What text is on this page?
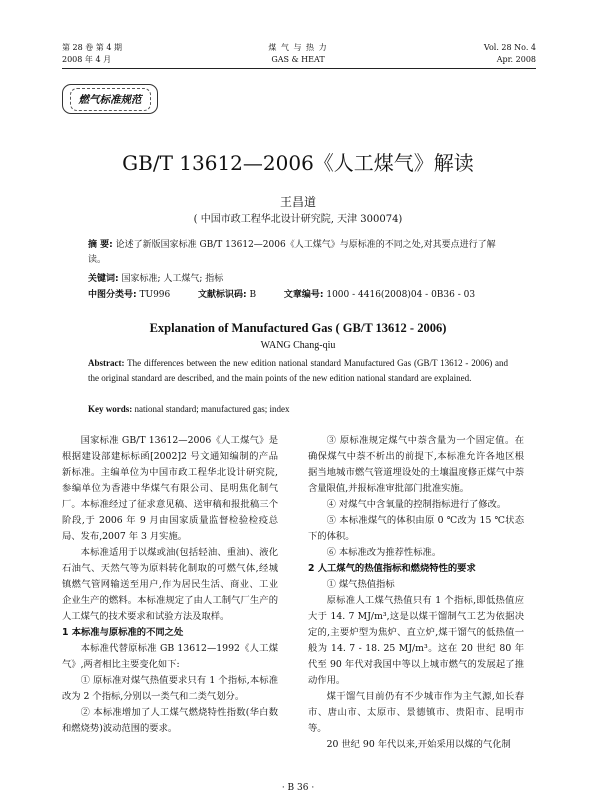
第 28 卷 第 4 期
2008 年 4 月
煤 气 与 热 力
GAS & HEAT
Vol. 28 No. 4
Apr. 2008
燃气标准规范
GB/T 13612—2006《人工煤气》解读
王昌道
( 中国市政工程华北设计研究院, 天津 300074)
摘 要: 论述了新版国家标准 GB/T 13612—2006《人工煤气》与原标准的不同之处,对其要点进行了解读。
关键词: 国家标准; 人工煤气; 指标
中图分类号: TU996	文献标识码: B	文章编号: 1000 - 4416(2008)04 - 0B36 - 03
Explanation of Manufactured Gas ( GB/T 13612 - 2006)
WANG Chang-qiu
Abstract: The differences between the new edition national standard Manufactured Gas (GB/T 13612 - 2006) and the original standard are described, and the main points of the new edition national standard are explained.
Key words: national standard; manufactured gas; index

国家标准 GB/T 13612—2006《人工煤气》是根据建设部建标标函[2002]2 号文通知编制的产品新标准。主编单位为中国市政工程华北设计研究院,参编单位为香港中华煤气有限公司、昆明焦化制气厂。本标准经过了征求意见稿、送审稿和报批稿三个阶段,于 2006 年 9 月由国家质量监督检验检疫总局、发布,2007 年 3 月实施。

本标准适用于以煤或油(包括轻油、重油)、液化石油气、天然气等为原料转化制取的可燃气体,经城镇燃气管网输送至用户,作为居民生活、商业、工业企业生产的燃料。本标准规定了由人工制气厂生产的人工煤气的技术要求和试验方法及取样。

1 本标准与原标准的不同之处

本标准代替原标准 GB 13612—1992《人工煤气》,两者相比主要变化如下:

① 原标准对煤气热值要求只有 1 个指标,本标准改为 2 个指标,分别以一类气和二类气划分。

② 本标准增加了人工煤气燃烧特性指数(华白数和燃烧势)波动范围的要求。

③ 原标准规定煤气中萘含量为一个固定值。在确保煤气中萘不析出的前提下,本标准允许各地区根据当地城市燃气管道埋设处的土壤温度修正煤气中萘含量限值,并报标准审批部门批准实施。

④ 对煤气中含氧量的控制指标进行了修改。

⑤ 本标准煤气的体积由原 0 ℃改为 15 ℃状态下的体积。

⑥ 本标准改为推荐性标准。

2 人工煤气的热值指标和燃烧特性的要求

① 煤气热值指标

原标准人工煤气热值只有 1 个指标,即低热值应大于 14. 7 MJ/m³,这是以煤干馏制气工艺为依据决定的,主要炉型为焦炉、直立炉,煤干馏气的低热值一般为 14. 7 - 18. 25 MJ/m³。这在 20 世纪 80 年代至 90 年代对我国中等以上城市燃气的发展起了推动作用。

煤干馏气目前仍有不少城市作为主气源,如长春市、唐山市、太原市、景德镇市、贵阳市、昆明市等。

20 世纪 90 年代以来,开始采用以煤的气化制

· B 36 ·
